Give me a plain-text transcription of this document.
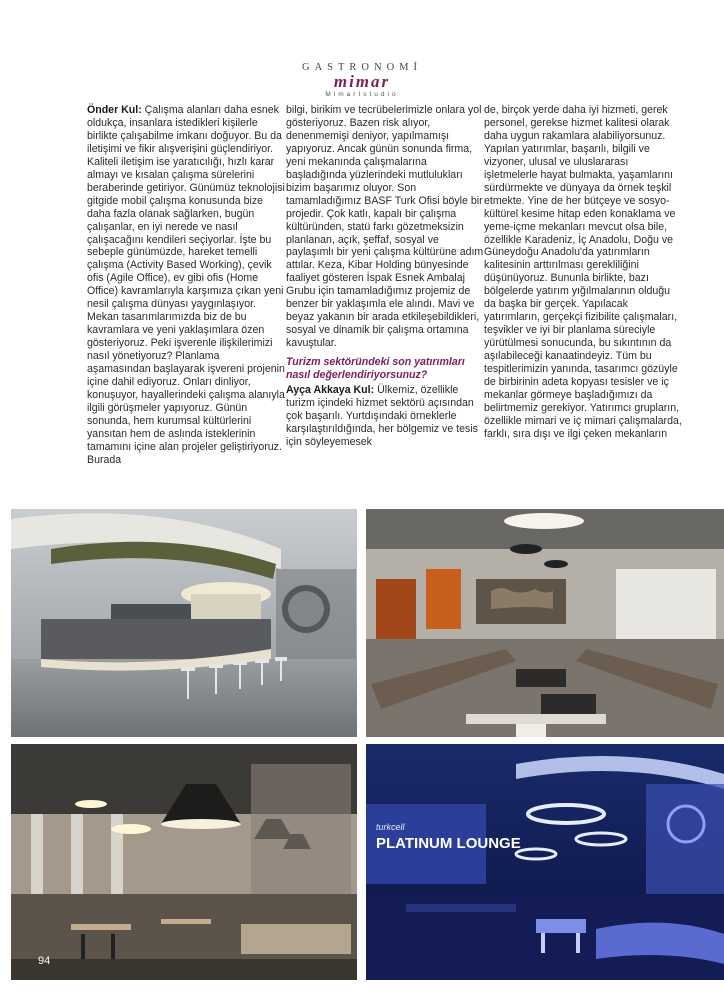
GASTRONOMİ
mimar
MimarIstudio

Önder Kul: Çalışma alanları daha esnek oldukça, insanlara istedikleri kişilerle birlikte çalışabilme imkanı doğuyor. Bu da iletişimi ve fikir alışverişini güçlendiriyor. Kaliteli iletişim ise yaratıcılığı, hızlı karar almayı ve kısalan çalışma sürelerini beraberinde getiriyor. Günümüz teknolojisi gitgide mobil çalışma konusunda bize daha fazla olanak sağlarken, bugün çalışanlar, en iyi nerede ve nasıl çalışacağını kendileri seçiyorlar. İşte bu sebeple günümüzde, hareket temelli çalışma (Activity Based Working), çevik ofis (Agile Office), ev gibi ofis (Home Office) kavramlarıyla karşımıza çıkan yeni nesil çalışma dünyası yaygınlaşıyor. Mekan tasarımlarımızda biz de bu kavramlara ve yeni yaklaşımlara özen gösteriyoruz. Peki işverenle ilişkilerimizi nasıl yönetiyoruz? Planlama aşamasından başlayarak işvereni projenin içine dahil ediyoruz. Onları dinliyor, konuşuyor, hayallerindeki çalışma alanıyla ilgili görüşmeler yapıyoruz. Günün sonunda, hem kurumsal kültürlerini yansıtan hem de aslında isteklerinin tamamını içine alan projeler geliştiriyoruz. Burada

bilgi, birikim ve tecrübelerimizle onlara yol gösteriyoruz. Bazen risk alıyor, denenmemişi deniyor, yapılmamışı yapıyoruz. Ancak günün sonunda firma, yeni mekanında çalışmalarına başladığında yüzlerindeki mutlulukları bizim başarımız oluyor. Son tamamladığımız BASF Turk Ofisi böyle bir projedir. Çok katlı, kapalı bir çalışma kültüründen, statü farkı gözetmeksizin planlanan, açık, şeffaf, sosyal ve paylaşımlı bir yeni çalışma kültürüne adım attılar. Keza, Kibar Holding bünyesinde faaliyet gösteren İspak Esnek Ambalaj Grubu için tamamladığımız projemiz de benzer bir yaklaşımla ele alındı. Mavi ve beyaz yakanın bir arada etkileşebildikleri, sosyal ve dinamik bir çalışma ortamına kavuştular.

Turizm sektöründeki son yatırımları nasıl değerlendiriyorsunuz?

Ayça Akkaya Kul: Ülkemiz, özellikle turizm içindeki hizmet sektörü açısından çok başarılı. Yurtdışındaki örneklerle karşılaştırıldığında, her bölgemiz ve tesis için söyleyemesek

de, birçok yerde daha iyi hizmeti, gerek personel, gerekse hizmet kalitesi olarak daha uygun rakamlara alabiliyorsunuz. Yapılan yatırımlar, başarılı, bilgili ve vizyoner, ulusal ve uluslararası işletmelerle hayat bulmakta, yaşamlarını sürdürmekte ve dünyaya da örnek teşkil etmekte. Yine de her bütçeye ve sosyo-kültürel kesime hitap eden konaklama ve yeme-içme mekanları mevcut olsa bile, özellikle Karadeniz, İç Anadolu, Doğu ve Güneydoğu Anadolu'da yatırımların kalitesinin arttırılması gerekliliğini düşünüyoruz. Bununla birlikte, bazı bölgelerde yatırım yığılmalarının olduğu da başka bir gerçek. Yapılacak yatırımların, gerçekçi fizibilite çalışmaları, teşvikler ve iyi bir planlama süreciyle yürütülmesi sonucunda, bu sıkıntının da aşılabileceği kanaatindeyiz. Tüm bu tespitlerimizin yanında, tasarımcı gözüyle de birbirinin adeta kopyası tesisler ve iç mekanlar görmeye başladığımızı da belirtmemiz gerekiyor. Yatırımcı grupların, özellikle mimari ve iç mimari çalışmalarda, farklı, sıra dışı ve ilgi çeken mekanların

turkcell
PLATINUM LOUNGE
94
